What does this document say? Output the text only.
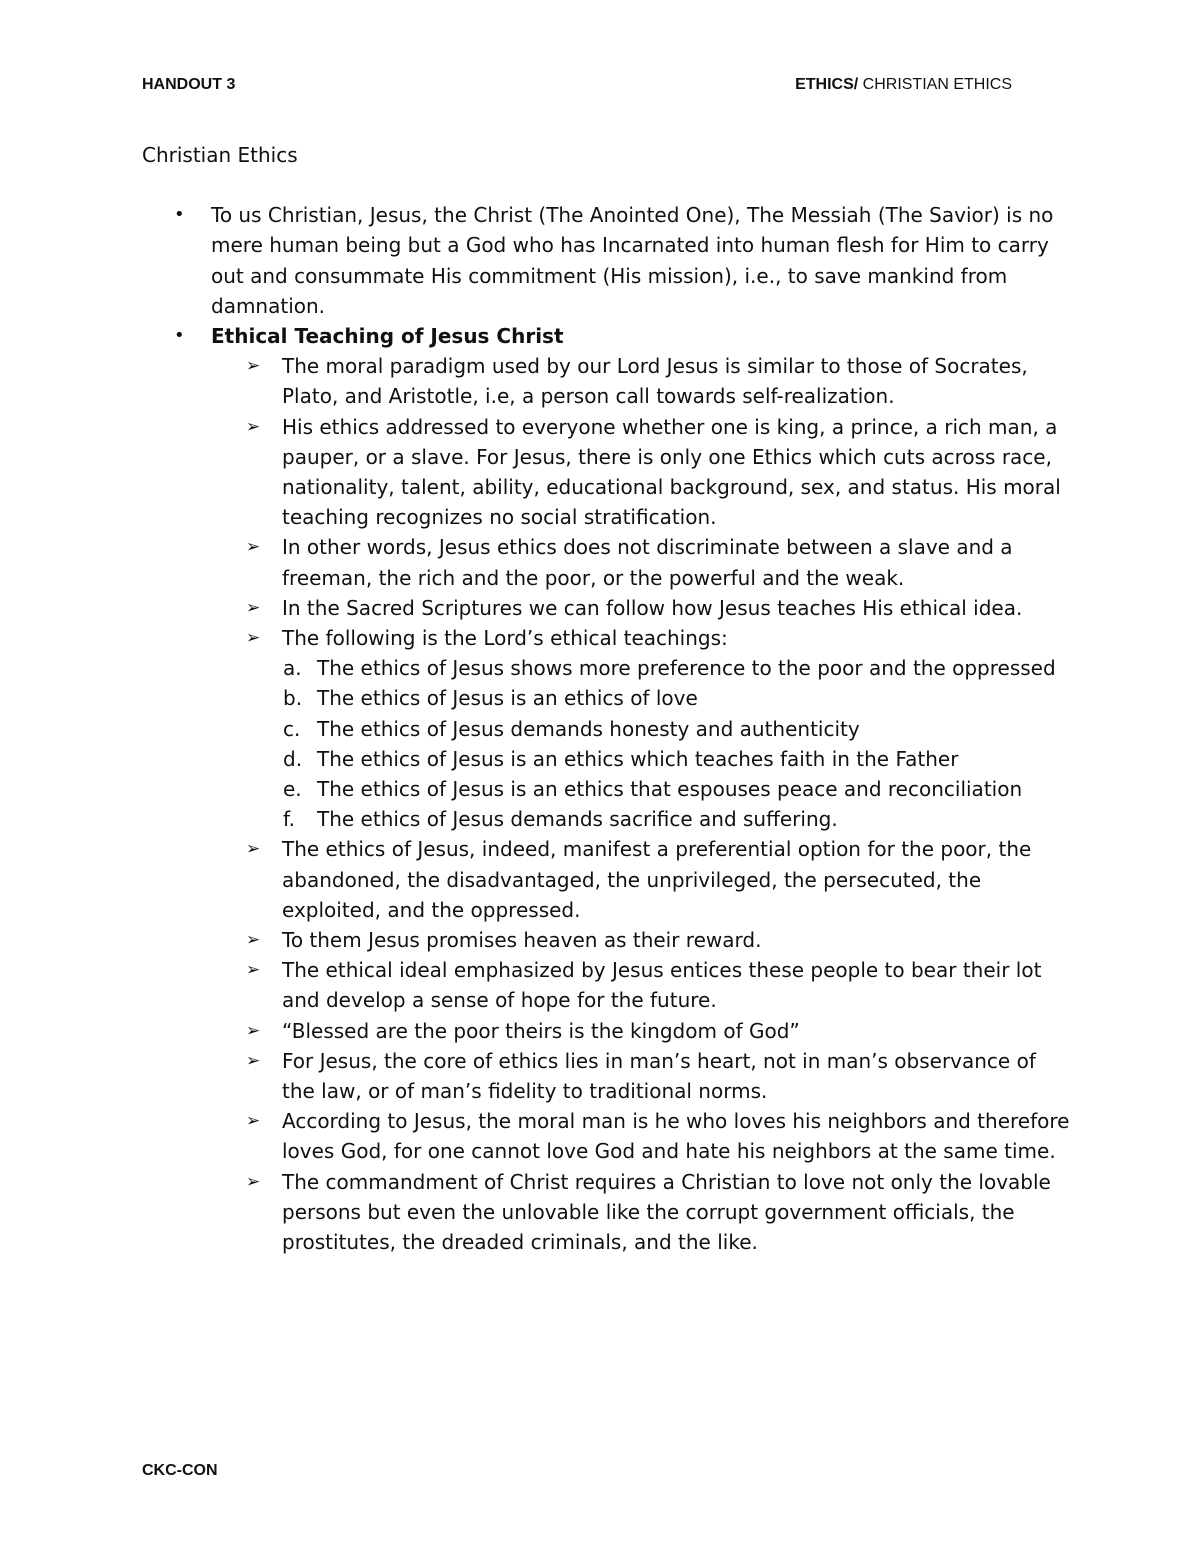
HANDOUT 3	ETHICS/ CHRISTIAN ETHICS
Christian Ethics
• To us Christian, Jesus, the Christ (The Anointed One), The Messiah (The Savior) is no mere human being but a God who has Incarnated into human flesh for Him to carry out and consummate His commitment (His mission), i.e., to save mankind from damnation.
• Ethical Teaching of Jesus Christ
➢ The moral paradigm used by our Lord Jesus is similar to those of Socrates, Plato, and Aristotle, i.e, a person call towards self-realization.
➢ His ethics addressed to everyone whether one is king, a prince, a rich man, a pauper, or a slave. For Jesus, there is only one Ethics which cuts across race, nationality, talent, ability, educational background, sex, and status. His moral teaching recognizes no social stratification.
➢ In other words, Jesus ethics does not discriminate between a slave and a freeman, the rich and the poor, or the powerful and the weak.
➢ In the Sacred Scriptures we can follow how Jesus teaches His ethical idea.
➢ The following is the Lord’s ethical teachings:
a. The ethics of Jesus shows more preference to the poor and the oppressed
b. The ethics of Jesus is an ethics of love
c. The ethics of Jesus demands honesty and authenticity
d. The ethics of Jesus is an ethics which teaches faith in the Father
e. The ethics of Jesus is an ethics that espouses peace and reconciliation
f. The ethics of Jesus demands sacrifice and suffering.
➢ The ethics of Jesus, indeed, manifest a preferential option for the poor, the abandoned, the disadvantaged, the unprivileged, the persecuted, the exploited, and the oppressed.
➢ To them Jesus promises heaven as their reward.
➢ The ethical ideal emphasized by Jesus entices these people to bear their lot and develop a sense of hope for the future.
➢ “Blessed are the poor theirs is the kingdom of God”
➢ For Jesus, the core of ethics lies in man’s heart, not in man’s observance of the law, or of man’s fidelity to traditional norms.
➢ According to Jesus, the moral man is he who loves his neighbors and therefore loves God, for one cannot love God and hate his neighbors at the same time.
➢ The commandment of Christ requires a Christian to love not only the lovable persons but even the unlovable like the corrupt government officials, the prostitutes, the dreaded criminals, and the like.
CKC-CON
